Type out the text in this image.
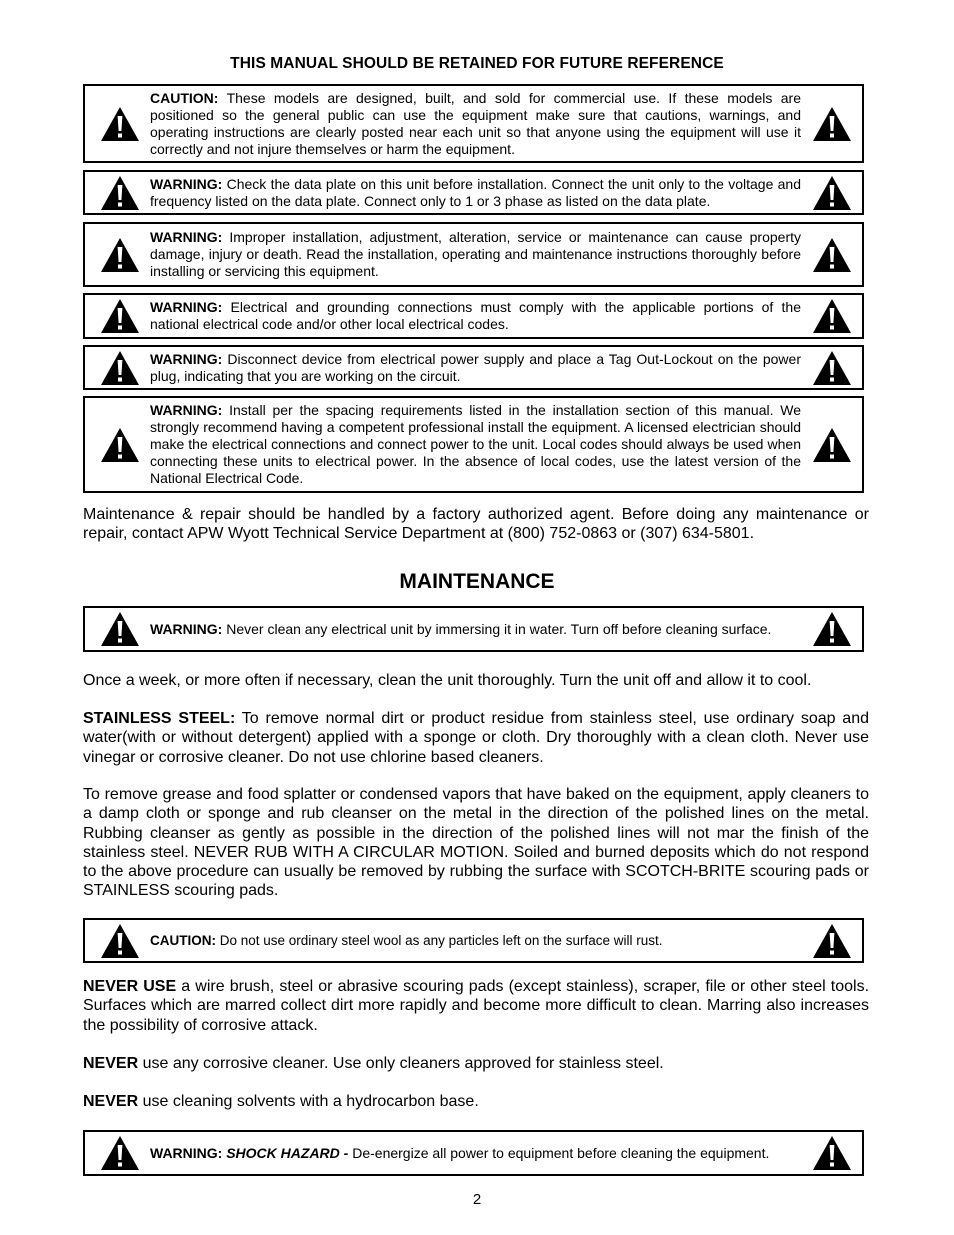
THIS MANUAL SHOULD BE RETAINED FOR FUTURE REFERENCE
CAUTION: These models are designed, built, and sold for commercial use. If these models are positioned so the general public can use the equipment make sure that cautions, warnings, and operating instructions are clearly posted near each unit so that anyone using the equipment will use it correctly and not injure themselves or harm the equipment.
WARNING: Check the data plate on this unit before installation. Connect the unit only to the voltage and frequency listed on the data plate. Connect only to 1 or 3 phase as listed on the data plate.
WARNING: Improper installation, adjustment, alteration, service or maintenance can cause property damage, injury or death. Read the installation, operating and maintenance instructions thoroughly before installing or servicing this equipment.
WARNING: Electrical and grounding connections must comply with the applicable portions of the national electrical code and/or other local electrical codes.
WARNING: Disconnect device from electrical power supply and place a Tag Out-Lockout on the power plug, indicating that you are working on the circuit.
WARNING: Install per the spacing requirements listed in the installation section of this manual. We strongly recommend having a competent professional install the equipment. A licensed electrician should make the electrical connections and connect power to the unit. Local codes should always be used when connecting these units to electrical power. In the absence of local codes, use the latest version of the National Electrical Code.
Maintenance & repair should be handled by a factory authorized agent. Before doing any maintenance or repair, contact APW Wyott Technical Service Department at (800) 752-0863 or (307) 634-5801.
MAINTENANCE
WARNING: Never clean any electrical unit by immersing it in water. Turn off before cleaning surface.
Once a week, or more often if necessary, clean the unit thoroughly. Turn the unit off and allow it to cool.
STAINLESS STEEL: To remove normal dirt or product residue from stainless steel, use ordinary soap and water(with or without detergent) applied with a sponge or cloth. Dry thoroughly with a clean cloth. Never use vinegar or corrosive cleaner. Do not use chlorine based cleaners.
To remove grease and food splatter or condensed vapors that have baked on the equipment, apply cleaners to a damp cloth or sponge and rub cleanser on the metal in the direction of the polished lines on the metal. Rubbing cleanser as gently as possible in the direction of the polished lines will not mar the finish of the stainless steel. NEVER RUB WITH A CIRCULAR MOTION. Soiled and burned deposits which do not respond to the above procedure can usually be removed by rubbing the surface with SCOTCH-BRITE scouring pads or STAINLESS scouring pads.
CAUTION: Do not use ordinary steel wool as any particles left on the surface will rust.
NEVER USE a wire brush, steel or abrasive scouring pads (except stainless), scraper, file or other steel tools. Surfaces which are marred collect dirt more rapidly and become more difficult to clean. Marring also increases the possibility of corrosive attack.
NEVER use any corrosive cleaner. Use only cleaners approved for stainless steel.
NEVER use cleaning solvents with a hydrocarbon base.
WARNING: SHOCK HAZARD - De-energize all power to equipment before cleaning the equipment.
2
